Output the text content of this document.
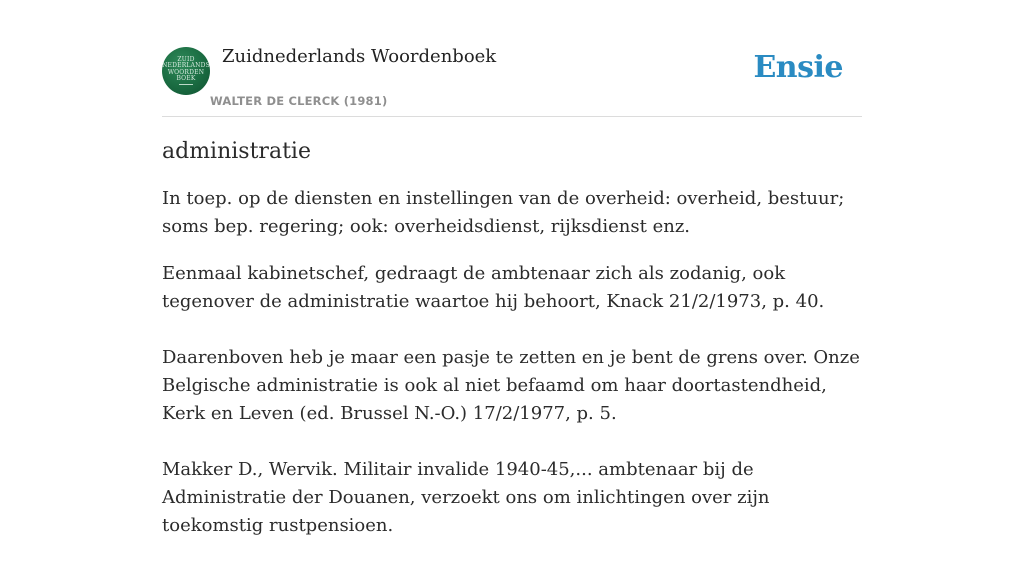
ZUID
NEDERLANDS
WOORDEN
BOEK
Zuidnederlands Woordenboek
WALTER DE CLERCK (1981)
Ensie
administratie

In toep. op de diensten en instellingen van de overheid: overheid, bestuur; soms bep. regering; ook: overheidsdienst, rijksdienst enz.

Eenmaal kabinetschef, gedraagt de ambtenaar zich als zodanig, ook tegenover de administratie waartoe hij behoort, Knack 21/2/1973, p. 40.

Daarenboven heb je maar een pasje te zetten en je bent de grens over. Onze Belgische administratie is ook al niet befaamd om haar doortastendheid, Kerk en Leven (ed. Brussel N.-O.) 17/2/1977, p. 5.

Makker D., Wervik. Militair invalide 1940-45,... ambtenaar bij de Administratie der Douanen, verzoekt ons om inlichtingen over zijn toekomstig rustpensioen.
